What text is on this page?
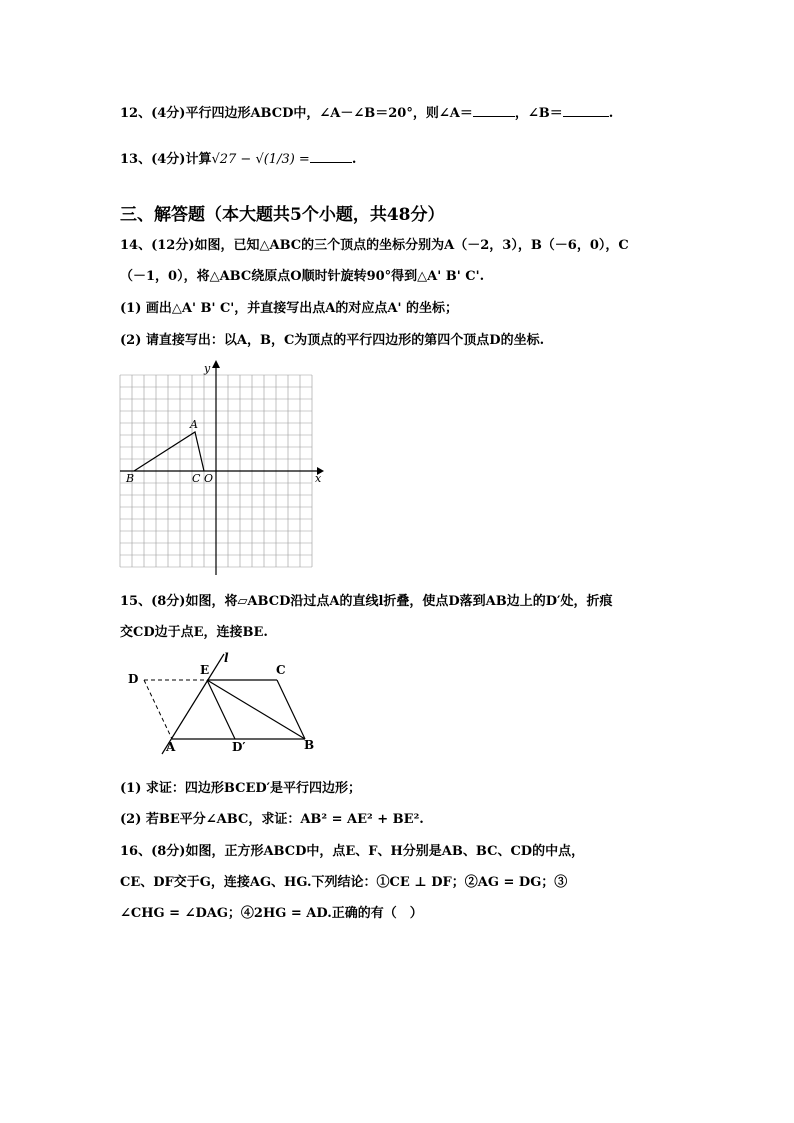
12、(4分)平行四边形ABCD中，∠A－∠B＝20°，则∠A＝	，∠B＝	.
13、(4分)计算√27 − √(1/3) =	.
三、解答题（本大题共5个小题，共48分）
14、(12分)如图，已知△ABC的三个顶点的坐标分别为A（－2，3），B（－6，0），C
（－1，0），将△ABC绕原点O顺时针旋转90°得到△A' B' C'.
(1) 画出△A' B' C'，并直接写出点A的对应点A' 的坐标；
(2) 请直接写出：以A，B，C为顶点的平行四边形的第四个顶点D的坐标.
y
x
A
B	C O
15、(8分)如图，将▱ABCD沿过点A的直线l折叠，使点D落到AB边上的D′处，折痕
交CD边于点E，连接BE.
D
E
l
C
A	D′	B
(1) 求证：四边形BCED′是平行四边形；
(2) 若BE平分∠ABC，求证：AB² = AE² + BE².
16、(8分)如图，正方形ABCD中，点E、F、H分别是AB、BC、CD的中点，
CE、DF交于G，连接AG、HG.下列结论：①CE ⊥ DF；②AG = DG；③
∠CHG = ∠DAG；④2HG = AD.正确的有（　）
